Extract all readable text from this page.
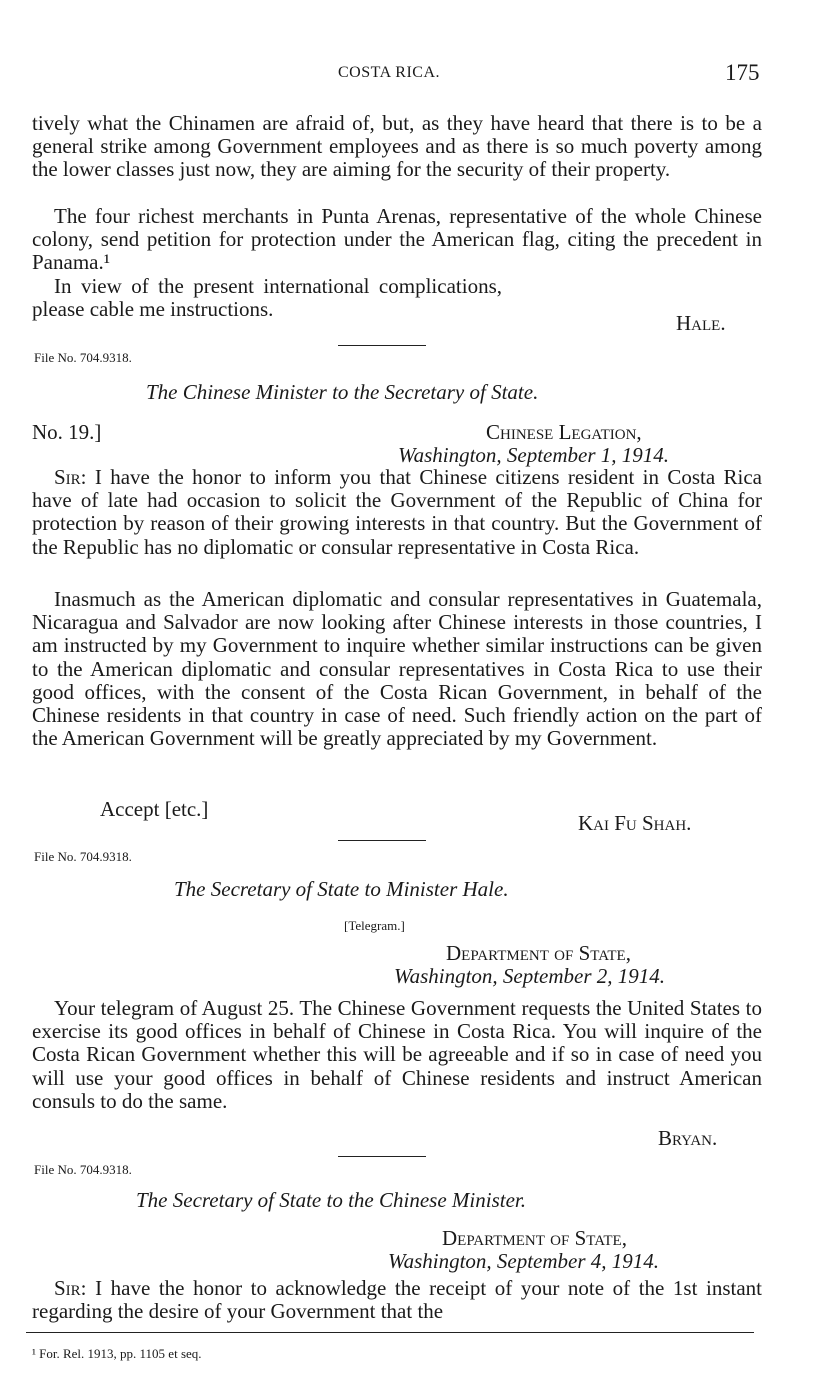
COSTA RICA.	175
tively what the Chinamen are afraid of, but, as they have heard that there is to be a general strike among Government employees and as there is so much poverty among the lower classes just now, they are aiming for the security of their property.
The four richest merchants in Punta Arenas, representative of the whole Chinese colony, send petition for protection under the American flag, citing the precedent in Panama.¹
In view of the present international complications, please cable me instructions.
Hale.
File No. 704.9318.
The Chinese Minister to the Secretary of State.
No. 19.]	Chinese Legation,
Washington, September 1, 1914.
Sir: I have the honor to inform you that Chinese citizens resident in Costa Rica have of late had occasion to solicit the Government of the Republic of China for protection by reason of their growing interests in that country. But the Government of the Republic has no diplomatic or consular representative in Costa Rica.
Inasmuch as the American diplomatic and consular representatives in Guatemala, Nicaragua and Salvador are now looking after Chinese interests in those countries, I am instructed by my Government to inquire whether similar instructions can be given to the American diplomatic and consular representatives in Costa Rica to use their good offices, with the consent of the Costa Rican Government, in behalf of the Chinese residents in that country in case of need. Such friendly action on the part of the American Government will be greatly appreciated by my Government.
Accept [etc.]
Kai Fu Shah.
File No. 704.9318.
The Secretary of State to Minister Hale.
[Telegram.]
Department of State,
Washington, September 2, 1914.
Your telegram of August 25. The Chinese Government requests the United States to exercise its good offices in behalf of Chinese in Costa Rica. You will inquire of the Costa Rican Government whether this will be agreeable and if so in case of need you will use your good offices in behalf of Chinese residents and instruct American consuls to do the same.
Bryan.
File No. 704.9318.
The Secretary of State to the Chinese Minister.
Department of State,
Washington, September 4, 1914.
Sir: I have the honor to acknowledge the receipt of your note of the 1st instant regarding the desire of your Government that the
¹ For. Rel. 1913, pp. 1105 et seq.
